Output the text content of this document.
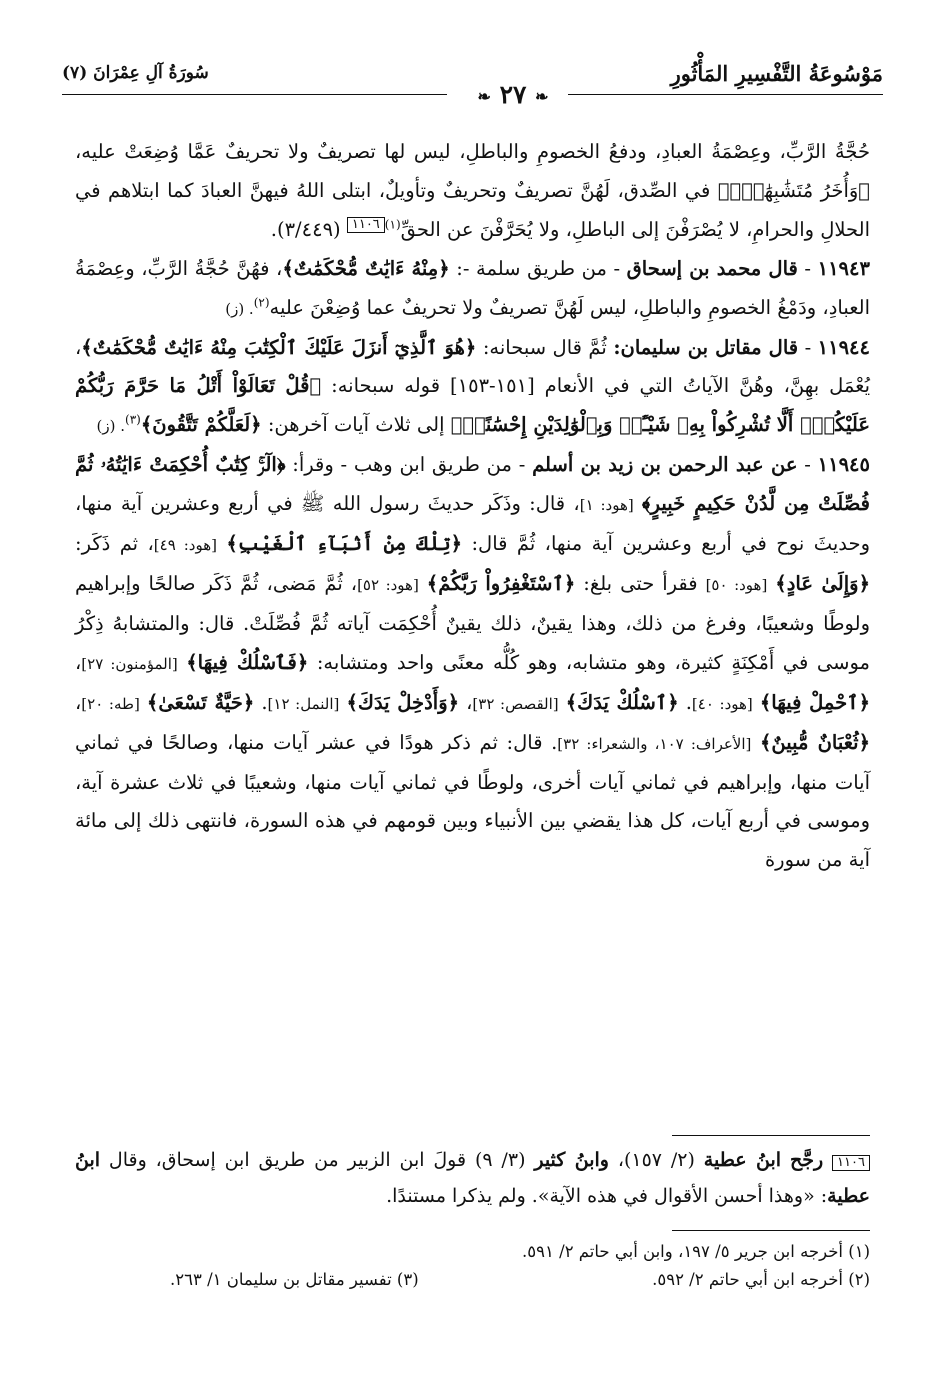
مَوْسُوعَةُ التَّفْسِيرِ المَأْثُورِ
سُورَةُ آلِ عِمْرَانَ (٧)
❧ ٢٧ ❧

حُجَّةُ الرَّبِّ، وعِصْمَةُ العبادِ، ودفعُ الخصومِ والباطلِ، ليس لها تصريفٌ ولا تحريفٌ عَمَّا وُضِعَتْ عليه، ﴿وَأُخَرُ مُتَشَٰبِهَٰتٌۖ﴾ في الصِّدق، لَهُنَّ تصريفٌ وتحريفٌ وتأويلٌ، ابتلى اللهُ فيهنَّ العبادَ كما ابتلاهم في الحلالِ والحرامِ، لا يُصْرَفْنَ إلى الباطلِ، ولا يُحَرَّفْنَ عن الحقِّ$^{(١)}$١١٠٦ (٣/٤٤٩).

١١٩٤٣ - قال محمد بن إسحاق - من طريق سلمة -: ﴿مِنْهُ ءَايَٰتٌ مُّحْكَمَٰتٌ﴾، فهُنَّ حُجَّةُ الرَّبِّ، وعِصْمَةُ العبادِ، ودَمْغُ الخصومِ والباطلِ، ليس لَهُنَّ تصريفٌ ولا تحريفٌ عما وُضِعْنَ عليه$^{(٢)}$. (ز)

١١٩٤٤ - قال مقاتل بن سليمان: ثُمَّ قال سبحانه: ﴿هُوَ ٱلَّذِيٓ أَنزَلَ عَلَيْكَ ٱلْكِتَٰبَ مِنْهُ ءَايَٰتٌ مُّحْكَمَٰتٌ﴾، يُعْمَل بهِنَّ، وهُنَّ الآياتُ التي في الأنعام [١٥١-١٥٣] قوله سبحانه: ﴿قُلْ تَعَالَوْاْ أَتْلُ مَا حَرَّمَ رَبُّكُمْ عَلَيْكُمْۖ أَلَّا تُشْرِكُواْ بِهِۦ شَيْـًٔاۖ وَبِٱلْوَٰلِدَيْنِ إِحْسَٰنًاۖ﴾ إلى ثلاث آيات آخرهن: ﴿لَعَلَّكُمْ تَتَّقُونَ﴾$^{(٣)}$. (ز)

١١٩٤٥ - عن عبد الرحمن بن زيد بن أسلم - من طريق ابن وهب - وقرأ: ﴿الٓرۚ كِتَٰبٌ أُحْكِمَتْ ءَايَٰتُهُۥ ثُمَّ فُصِّلَتْ مِن لَّدُنْ حَكِيمٍ خَبِيرٍ﴾ [هود: ١]، قال: وذَكَر حديثَ رسول الله ﷺ في أربع وعشرين آية منها، وحديثَ نوح في أربع وعشرين آية منها، ثُمَّ قال: ﴿تِلْكَ مِنْ أَنۢبَآءِ ٱلْغَيْبِ﴾ [هود: ٤٩]، ثم ذَكَر: ﴿وَإِلَىٰ عَادٍ﴾ [هود: ٥٠] فقرأ حتى بلغ: ﴿ٱسْتَغْفِرُواْ رَبَّكُمْ﴾ [هود: ٥٢]، ثُمَّ مَضى، ثُمَّ ذَكَر صالحًا وإبراهيم ولوطًا وشعيبًا، وفرغ من ذلك، وهذا يقينٌ، ذلك يقينٌ أُحْكِمَت آياته ثُمَّ فُصِّلَتْ. قال: والمتشابهُ ذِكْرُ موسى في أَمْكِنَةٍ كثيرة، وهو متشابه، وهو كُلُّه معنًى واحد ومتشابه: ﴿فَٱسْلُكْ فِيهَا﴾ [المؤمنون: ٢٧]، ﴿ٱحْمِلْ فِيهَا﴾ [هود: ٤٠]. ﴿ٱسْلُكْ يَدَكَ﴾ [القصص: ٣٢]، ﴿وَأَدْخِلْ يَدَكَ﴾ [النمل: ١٢]. ﴿حَيَّةٌ تَسْعَىٰ﴾ [طه: ٢٠]، ﴿ثُعْبَانٌ مُّبِينٌ﴾ [الأعراف: ١٠٧، والشعراء: ٣٢]. قال: ثم ذكر هودًا في عشر آيات منها، وصالحًا في ثماني آيات منها، وإبراهيم في ثماني آيات أخرى، ولوطًا في ثماني آيات منها، وشعيبًا في ثلاث عشرة آية، وموسى في أربع آيات، كل هذا يقضي بين الأنبياء وبين قومهم في هذه السورة، فانتهى ذلك إلى مائة آية من سورة

١١٠٦ رجَّح ابنُ عطية (٢/ ١٥٧)، وابنُ كثير (٣/ ٩) قولَ ابن الزبير من طريق ابن إسحاق، وقال ابنُ عطية: «وهذا أحسن الأقوال في هذه الآية». ولم يذكرا مستندًا.

(١) أخرجه ابن جرير ٥/ ١٩٧، وابن أبي حاتم ٢/ ٥٩١.
(٢) أخرجه ابن أبي حاتم ٢/ ٥٩٢.
(٣) تفسير مقاتل بن سليمان ١/ ٢٦٣.
